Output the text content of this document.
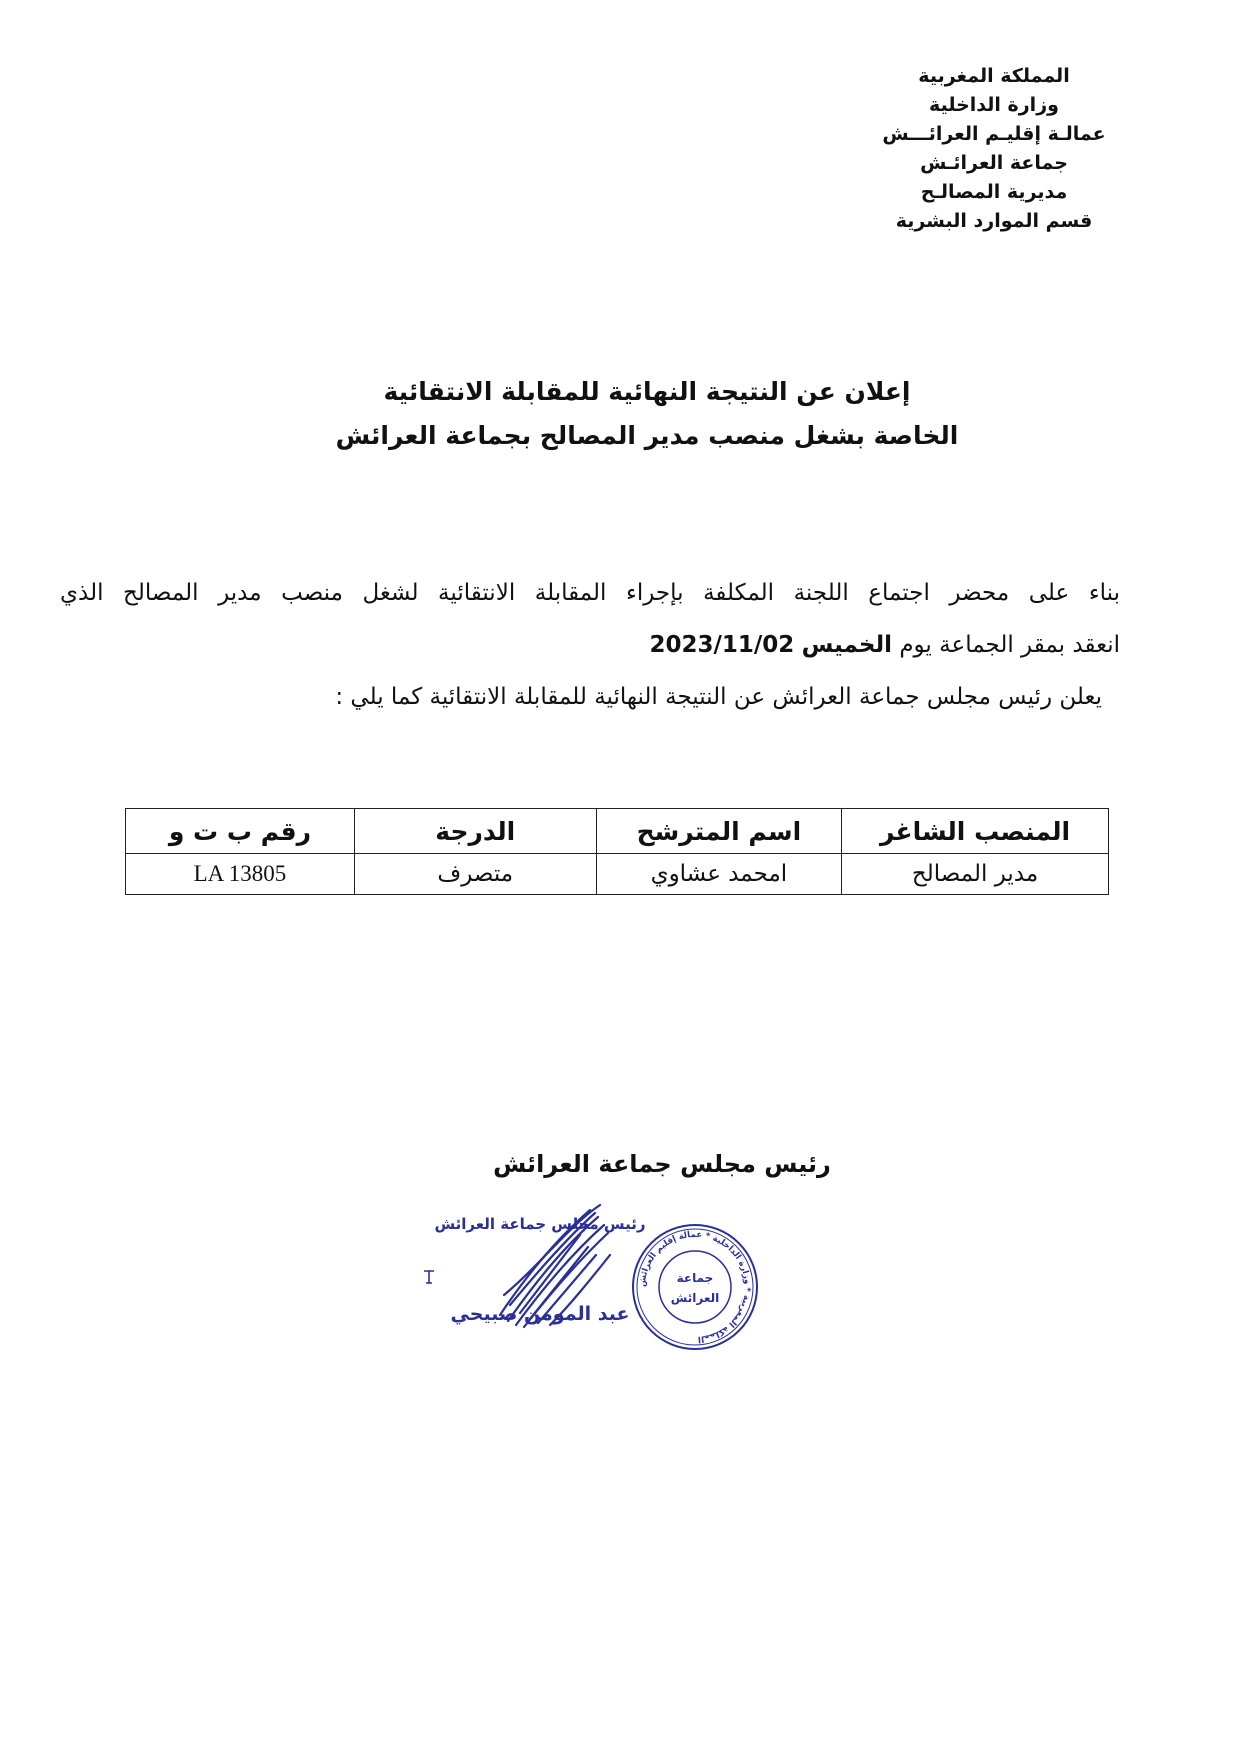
المملكة المغربية
وزارة الداخلية
عمالـة إقليـم العرائـــش
جماعة العرائـش
مديرية المصالـح
قسم الموارد البشرية
إعلان عن النتيجة النهائية للمقابلة الانتقائية
الخاصة بشغل منصب مدير المصالح بجماعة العرائش
بناء على محضر اجتماع اللجنة المكلفة بإجراء المقابلة الانتقائية لشغل منصب مدير المصالح الذي
انعقد بمقر الجماعة يوم الخميس 2023/11/02
يعلن رئيس مجلس جماعة العرائش عن النتيجة النهائية للمقابلة الانتقائية كما يلي :
المنصب الشاغر	اسم المترشح	الدرجة	رقم ب ت و
مدير المصالح	امحمد عشاوي	متصرف	LA 13805
رئيس مجلس جماعة العرائش
رئيس مجلس جماعة العرائش
عبد المومن صبيحي
المملكة المغربية * وزارة الداخلية * عمالة إقليم العرائش
جماعة
العرائش
